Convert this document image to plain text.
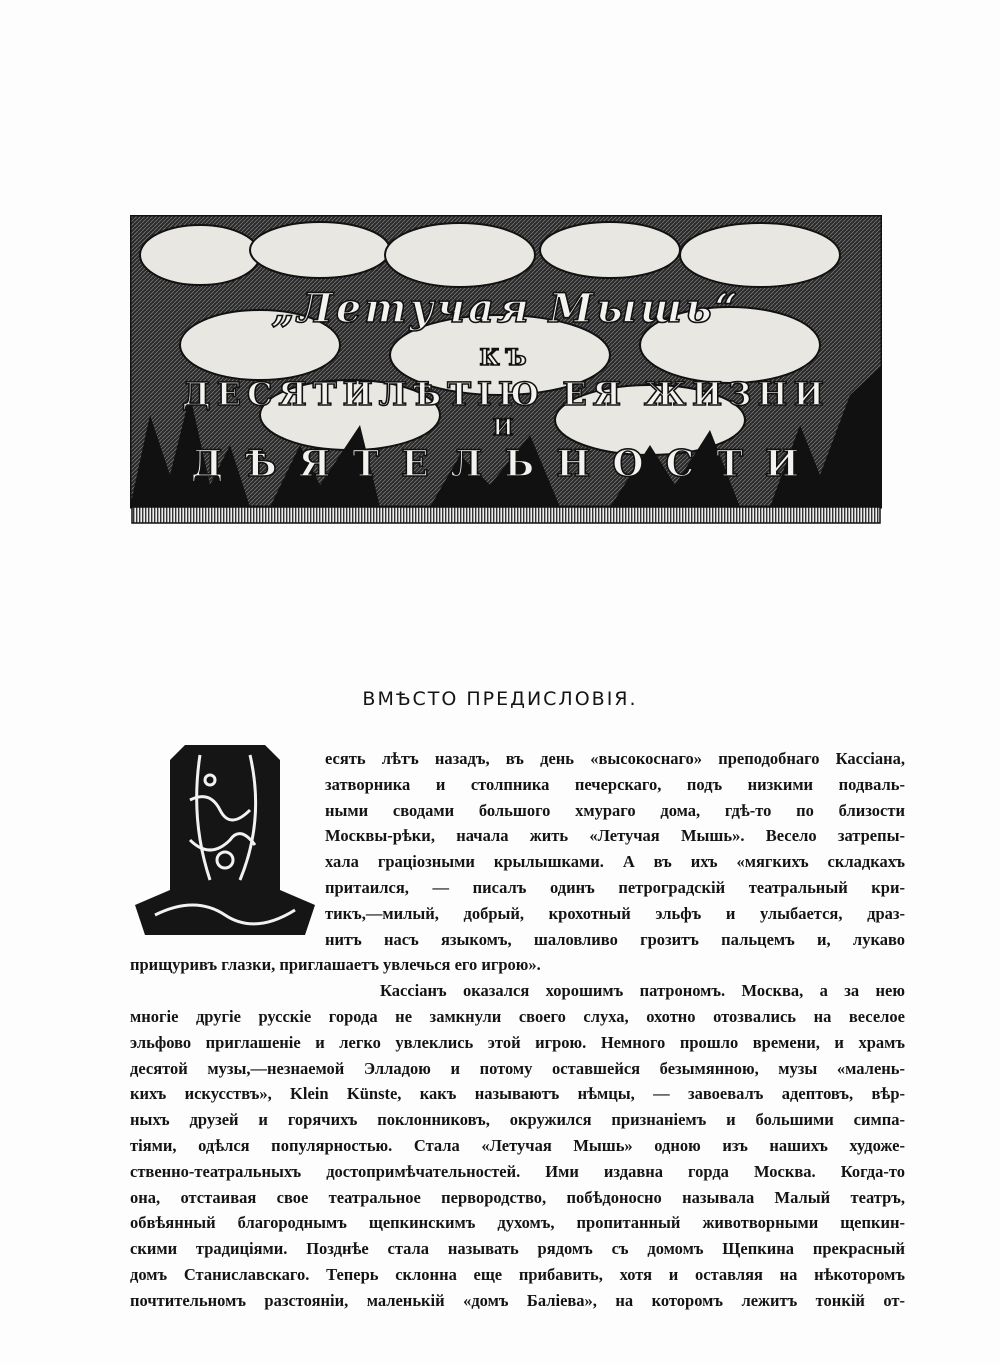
„Летучая Мышь“
КЪ
ДЕСЯТИЛѢТІЮ ЕЯ ЖИЗНИ
И
ДѢЯТЕЛЬНОСТИ
ВМѢСТО ПРЕДИСЛОВІЯ.
есять лѣтъ назадъ, въ день «высокоснаго» преподобнаго Кассіана,
затворника и столпника печерскаго, подъ низкими подваль-
ными сводами большого хмураго дома, гдѣ-то по близости
Москвы-рѣки, начала жить «Летучая Мышь». Весело затрепы-
хала граціозными крылышками. А въ ихъ «мягкихъ складкахъ
притаился, — писалъ одинъ петроградскій театральный кри-
тикъ,—милый, добрый, крохотный эльфъ и улыбается, драз-
нитъ насъ языкомъ, шаловливо грозитъ пальцемъ и, лукаво
прищуривъ глазки, приглашаетъ увлечься его игрою».
Кассіанъ оказался хорошимъ патрономъ. Москва, а за нею
многіе другіе русскіе города не замкнули своего слуха, охотно отозвались на веселое
эльфово приглашеніе и легко увлеклись этой игрою. Немного прошло времени, и храмъ
десятой музы,—незнаемой Элладою и потому оставшейся безымянною, музы «малень-
кихъ искусствъ», Klein Künste, какъ называютъ нѣмцы, — завоевалъ адептовъ, вѣр-
ныхъ друзей и горячихъ поклонниковъ, окружился признаніемъ и большими симпа-
тіями, одѣлся популярностью. Стала «Летучая Мышь» одною изъ нашихъ художе-
ственно-театральныхъ достопримѣчательностей. Ими издавна горда Москва. Когда-то
она, отстаивая свое театральное первородство, побѣдоносно называла Малый театръ,
обвѣянный благороднымъ щепкинскимъ духомъ, пропитанный животворными щепкин-
скими традиціями. Позднѣе стала называть рядомъ съ домомъ Щепкина прекрасный
домъ Станиславскаго. Теперь склонна еще прибавить, хотя и оставляя на нѣкоторомъ
почтительномъ разстояніи, маленькій «домъ Баліева», на которомъ лежитъ тонкій от-
